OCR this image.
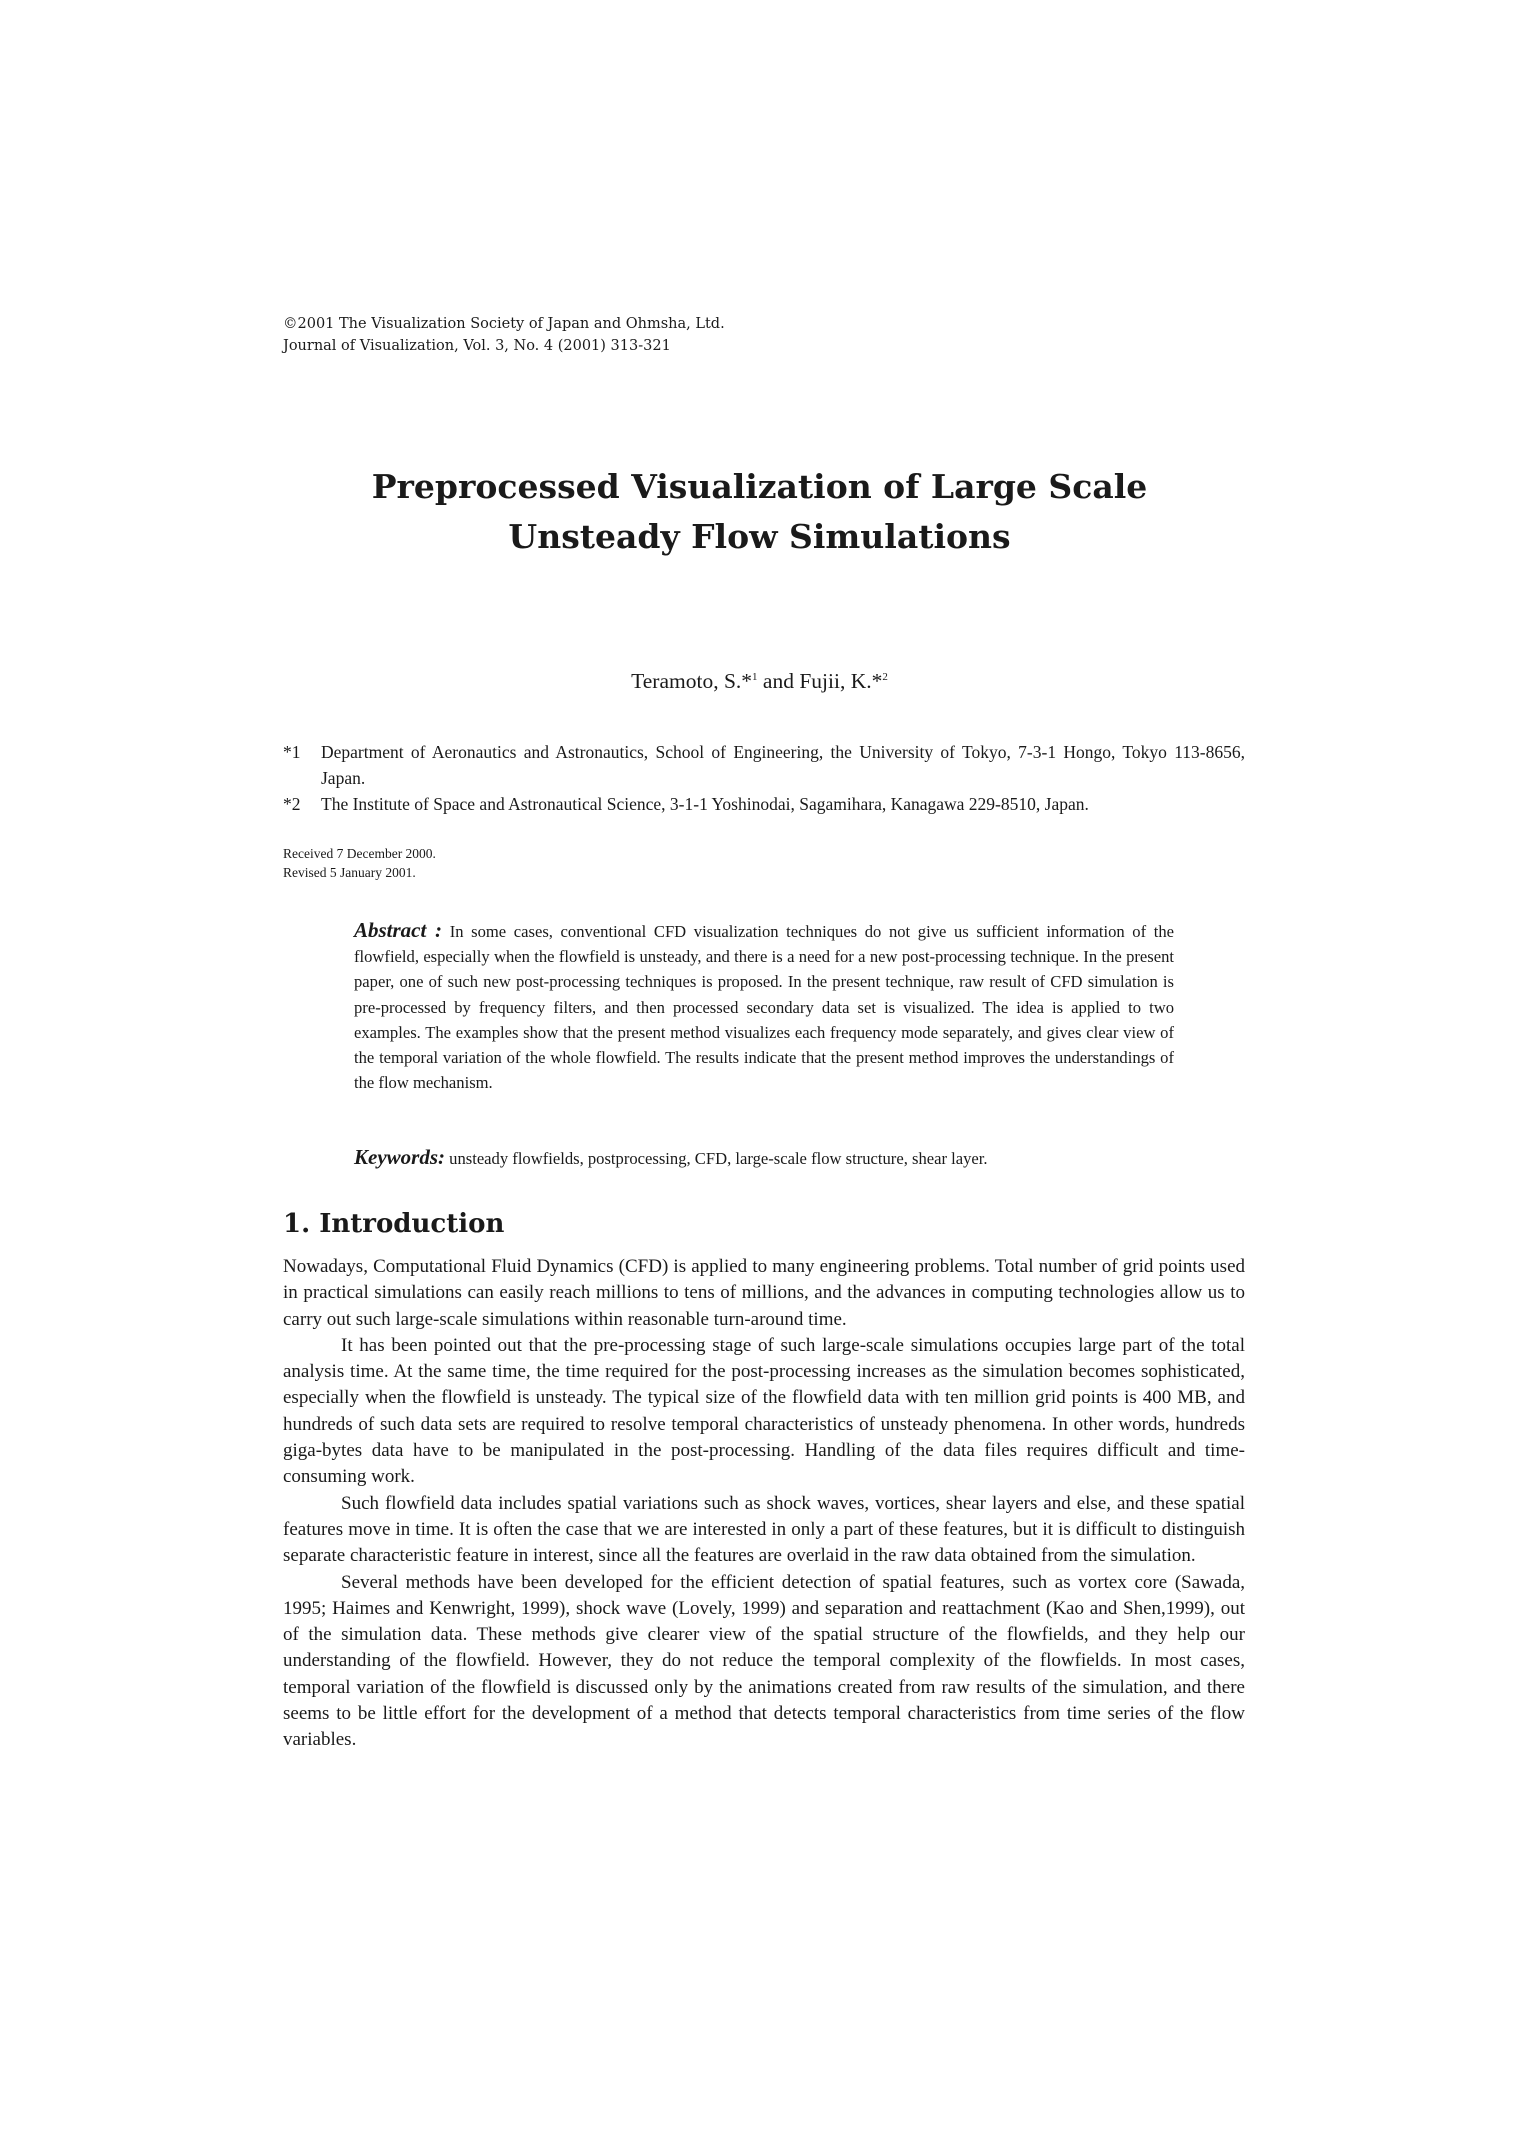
©2001 The Visualization Society of Japan and Ohmsha, Ltd.
Journal of Visualization, Vol. 3, No. 4 (2001) 313-321
Preprocessed Visualization of Large Scale
Unsteady Flow Simulations
Teramoto, S.*$^1$ and Fujii, K.*$^2$
*1 Department of Aeronautics and Astronautics, School of Engineering, the University of Tokyo, 7-3-1 Hongo, Tokyo 113-8656, Japan.
*2 The Institute of Space and Astronautical Science, 3-1-1 Yoshinodai, Sagamihara, Kanagawa 229-8510, Japan.
Received 7 December 2000.
Revised 5 January 2001.

Abstract : In some cases, conventional CFD visualization techniques do not give us sufficient information of the flowfield, especially when the flowfield is unsteady, and there is a need for a new post-processing technique. In the present paper, one of such new post-processing techniques is proposed. In the present technique, raw result of CFD simulation is pre-processed by frequency filters, and then processed secondary data set is visualized. The idea is applied to two examples. The examples show that the present method visualizes each frequency mode separately, and gives clear view of the temporal variation of the whole flowfield. The results indicate that the present method improves the understandings of the flow mechanism.

Keywords: unsteady flowfields, postprocessing, CFD, large-scale flow structure, shear layer.

1. Introduction

Nowadays, Computational Fluid Dynamics (CFD) is applied to many engineering problems. Total number of grid points used in practical simulations can easily reach millions to tens of millions, and the advances in computing technologies allow us to carry out such large-scale simulations within reasonable turn-around time.

It has been pointed out that the pre-processing stage of such large-scale simulations occupies large part of the total analysis time. At the same time, the time required for the post-processing increases as the simulation becomes sophisticated, especially when the flowfield is unsteady. The typical size of the flowfield data with ten million grid points is 400 MB, and hundreds of such data sets are required to resolve temporal characteristics of unsteady phenomena. In other words, hundreds giga-bytes data have to be manipulated in the post-processing. Handling of the data files requires difficult and time-consuming work.

Such flowfield data includes spatial variations such as shock waves, vortices, shear layers and else, and these spatial features move in time. It is often the case that we are interested in only a part of these features, but it is difficult to distinguish separate characteristic feature in interest, since all the features are overlaid in the raw data obtained from the simulation.

Several methods have been developed for the efficient detection of spatial features, such as vortex core (Sawada, 1995; Haimes and Kenwright, 1999), shock wave (Lovely, 1999) and separation and reattachment (Kao and Shen,1999), out of the simulation data. These methods give clearer view of the spatial structure of the flowfields, and they help our understanding of the flowfield. However, they do not reduce the temporal complexity of the flowfields. In most cases, temporal variation of the flowfield is discussed only by the animations created from raw results of the simulation, and there seems to be little effort for the development of a method that detects temporal characteristics from time series of the flow variables.
